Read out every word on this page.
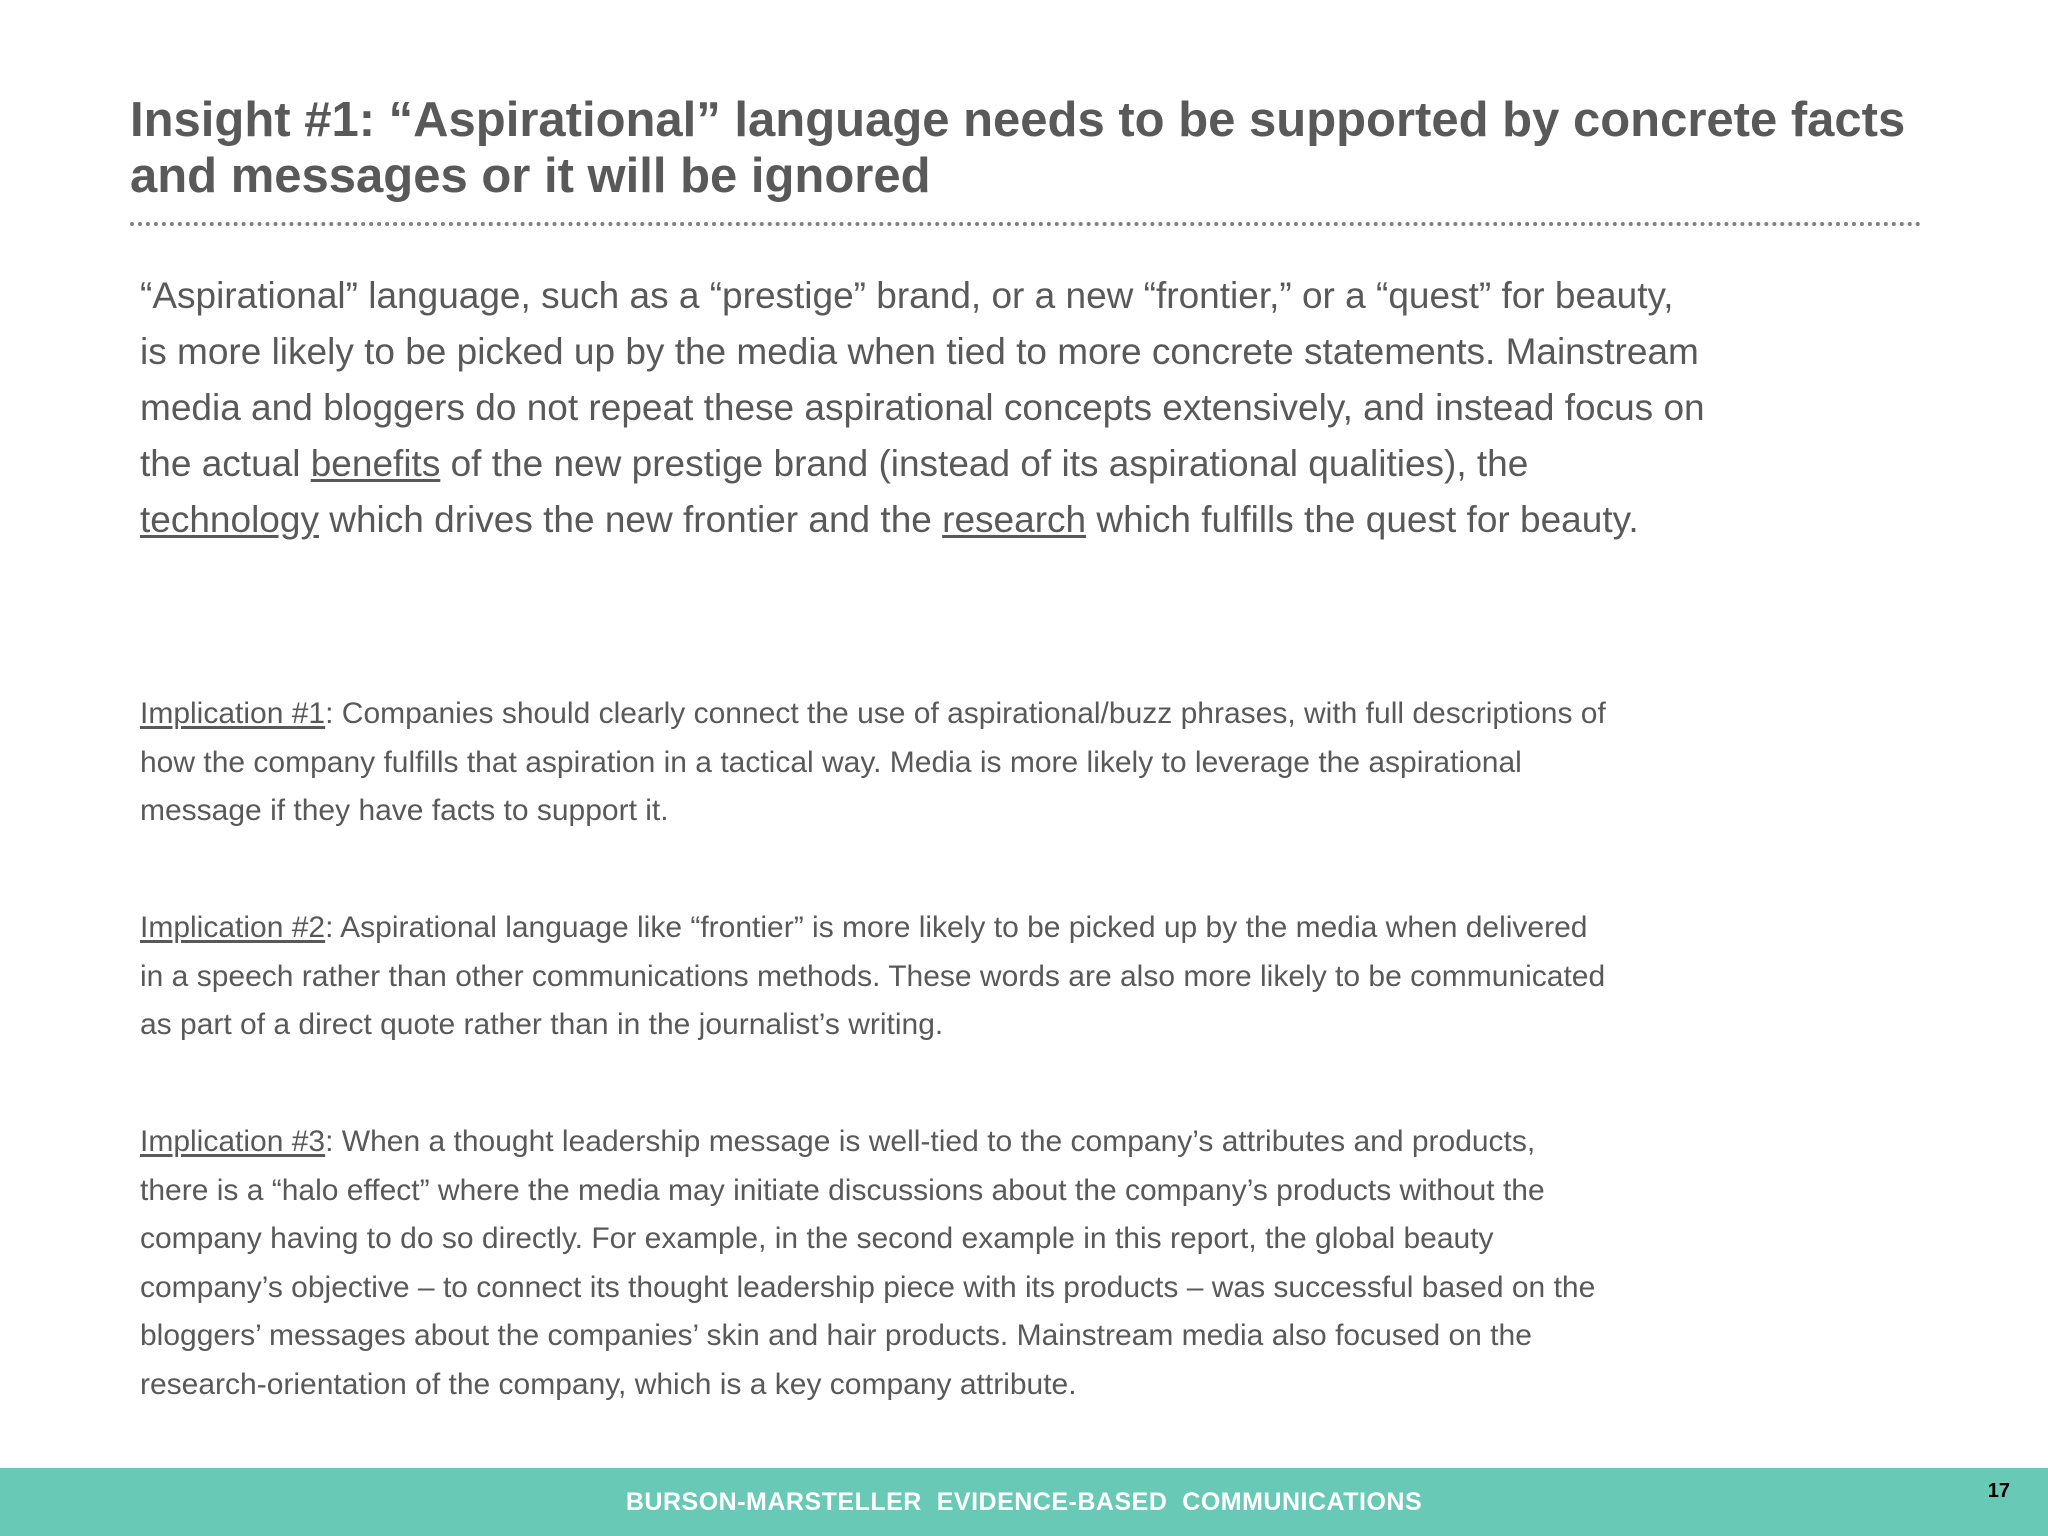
Insight #1: “Aspirational” language needs to be supported by concrete facts
and messages or it will be ignored

“Aspirational” language, such as a “prestige” brand, or a new “frontier,” or a “quest” for beauty,
is more likely to be picked up by the media when tied to more concrete statements. Mainstream
media and bloggers do not repeat these aspirational concepts extensively, and instead focus on
the actual benefits of the new prestige brand (instead of its aspirational qualities), the
technology which drives the new frontier and the research which fulfills the quest for beauty.

Implication #1: Companies should clearly connect the use of aspirational/buzz phrases, with full descriptions of
how the company fulfills that aspiration in a tactical way. Media is more likely to leverage the aspirational
message if they have facts to support it.

Implication #2: Aspirational language like “frontier” is more likely to be picked up by the media when delivered
in a speech rather than other communications methods. These words are also more likely to be communicated
as part of a direct quote rather than in the journalist’s writing.

Implication #3: When a thought leadership message is well-tied to the company’s attributes and products,
there is a “halo effect” where the media may initiate discussions about the company’s products without the
company having to do so directly. For example, in the second example in this report, the global beauty
company’s objective – to connect its thought leadership piece with its products – was successful based on the
bloggers’ messages about the companies’ skin and hair products. Mainstream media also focused on the
research-orientation of the company, which is a key company attribute.

BURSON-MARSTELLER  EVIDENCE-BASED  COMMUNICATIONS	17
